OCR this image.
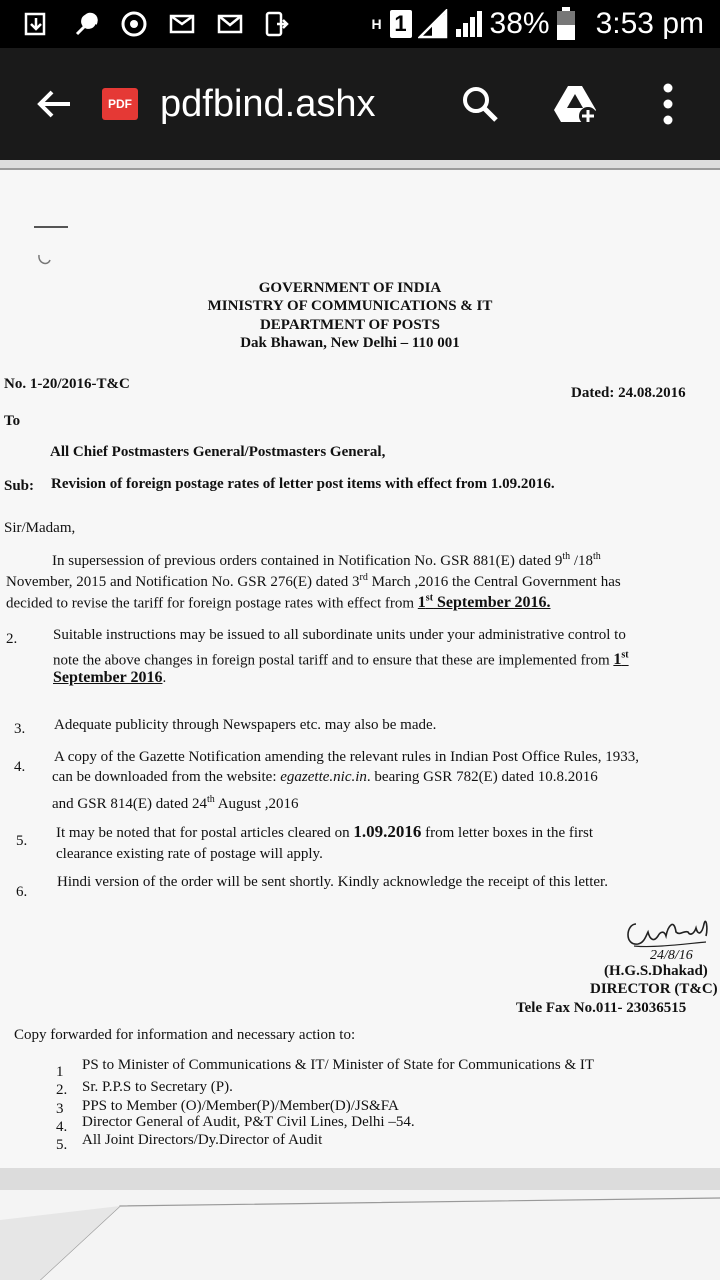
H 1	38% 3:53 pm
PDF pdfbind.ashx
GOVERNMENT OF INDIA
MINISTRY OF COMMUNICATIONS & IT
DEPARTMENT OF POSTS
Dak Bhawan, New Delhi – 110 001
No. 1-20/2016-T&C
Dated: 24.08.2016
To
All Chief Postmasters General/Postmasters General,
Sub: Revision of foreign postage rates of letter post items with effect from 1.09.2016.
Sir/Madam,
In supersession of previous orders contained in Notification No. GSR 881(E) dated 9th /18th
November, 2015 and Notification No. GSR 276(E) dated 3rd March ,2016 the Central Government has
decided to revise the tariff for foreign postage rates with effect from 1st September 2016.
2. Suitable instructions may be issued to all subordinate units under your administrative control to
note the above changes in foreign postal tariff and to ensure that these are implemented from 1st
September 2016.
3. Adequate publicity through Newspapers etc. may also be made.
4.
A copy of the Gazette Notification amending the relevant rules in Indian Post Office Rules, 1933,
can be downloaded from the website: egazette.nic.in. bearing GSR 782(E) dated 10.8.2016
and GSR 814(E) dated 24th August ,2016
5. It may be noted that for postal articles cleared on 1.09.2016 from letter boxes in the first
clearance existing rate of postage will apply.
6.
Hindi version of the order will be sent shortly. Kindly acknowledge the receipt of this letter.
24/8/16
(H.G.S.Dhakad)
DIRECTOR (T&C)
Tele Fax No.011- 23036515
Copy forwarded for information and necessary action to:
1 PS to Minister of Communications & IT/ Minister of State for Communications & IT
2. Sr. P.P.S to Secretary (P).
3 PPS to Member (O)/Member(P)/Member(D)/JS&FA
4. Director General of Audit, P&T Civil Lines, Delhi –54.
5. All Joint Directors/Dy.Director of Audit
